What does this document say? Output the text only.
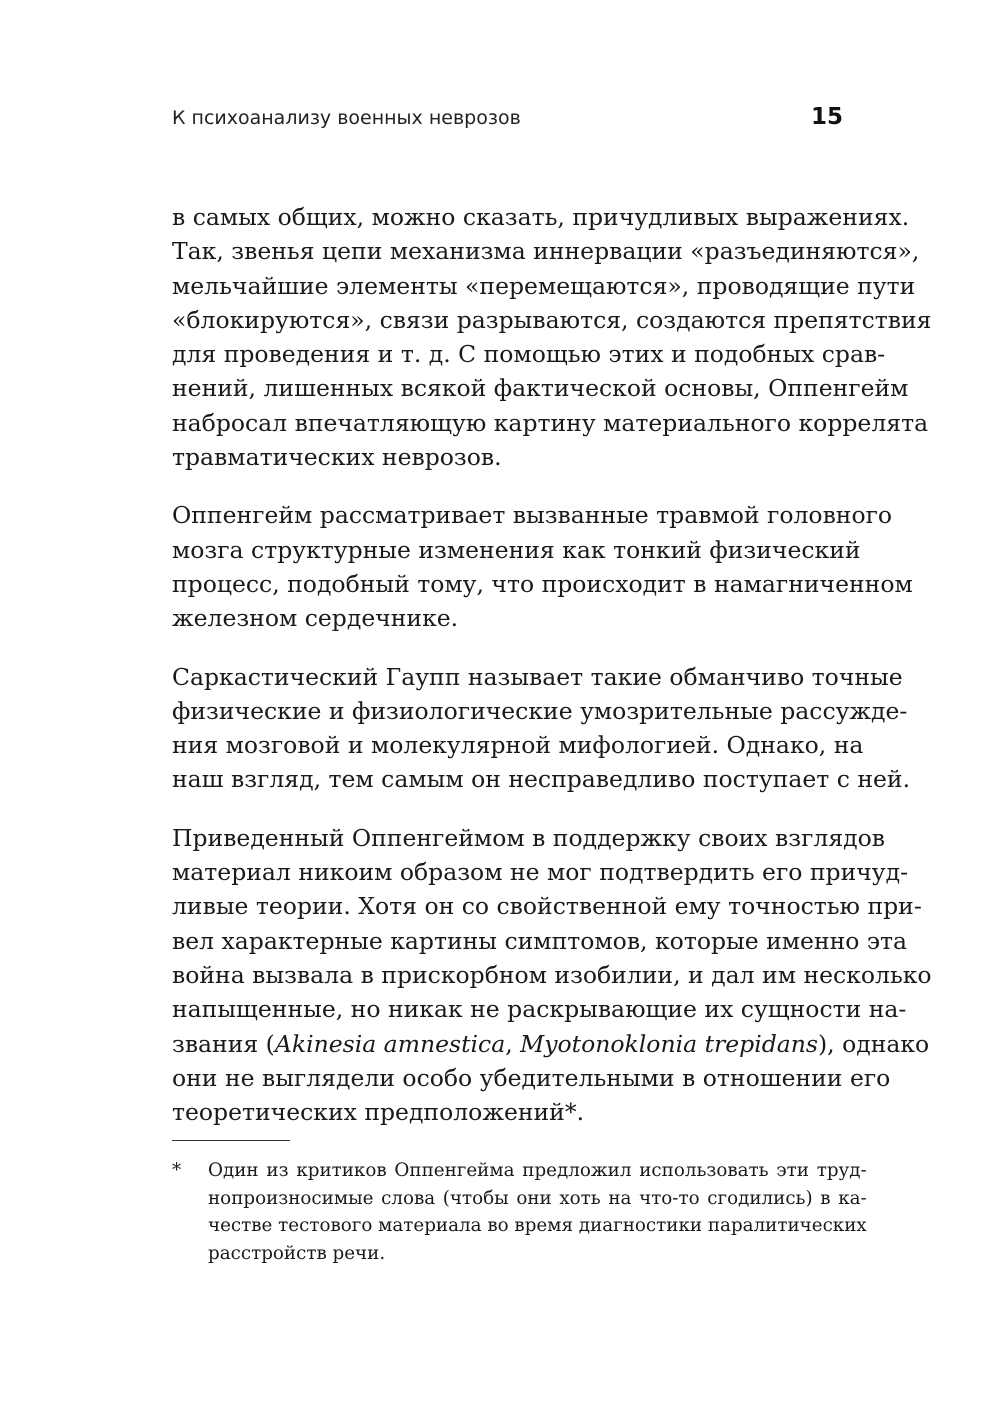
К психоанализу военных неврозов	15

в самых общих, можно сказать, причудливых выражениях.
Так, звенья цепи механизма иннервации «разъединяются»,
мельчайшие элементы «перемещаются», проводящие пути
«блокируются», связи разрываются, создаются препятствия
для проведения и т. д. С помощью этих и подобных срав-
нений, лишенных всякой фактической основы, Оппенгейм
набросал впечатляющую картину материального коррелята
травматических неврозов.

Оппенгейм рассматривает вызванные травмой головного
мозга структурные изменения как тонкий физический
процесс, подобный тому, что происходит в намагниченном
железном сердечнике.

Саркастический Гаупп называет такие обманчиво точные
физические и физиологические умозрительные рассужде-
ния мозговой и молекулярной мифологией. Однако, на
наш взгляд, тем самым он несправедливо поступает с ней.

Приведенный Оппенгеймом в поддержку своих взглядов
материал никоим образом не мог подтвердить его причуд-
ливые теории. Хотя он со свойственной ему точностью при-
вел характерные картины симптомов, которые именно эта
война вызвала в прискорбном изобилии, и дал им несколько
напыщенные, но никак не раскрывающие их сущности на-
звания (Akinesia amnestica, Myotonoklonia trepidans), однако
они не выглядели особо убедительными в отношении его
теоретических предположений*.

*	Один из критиков Оппенгейма предложил использовать эти труд-
нопроизносимые слова (чтобы они хоть на что-то сгодились) в ка-
честве тестового материала во время диагностики паралитических
расстройств речи.
